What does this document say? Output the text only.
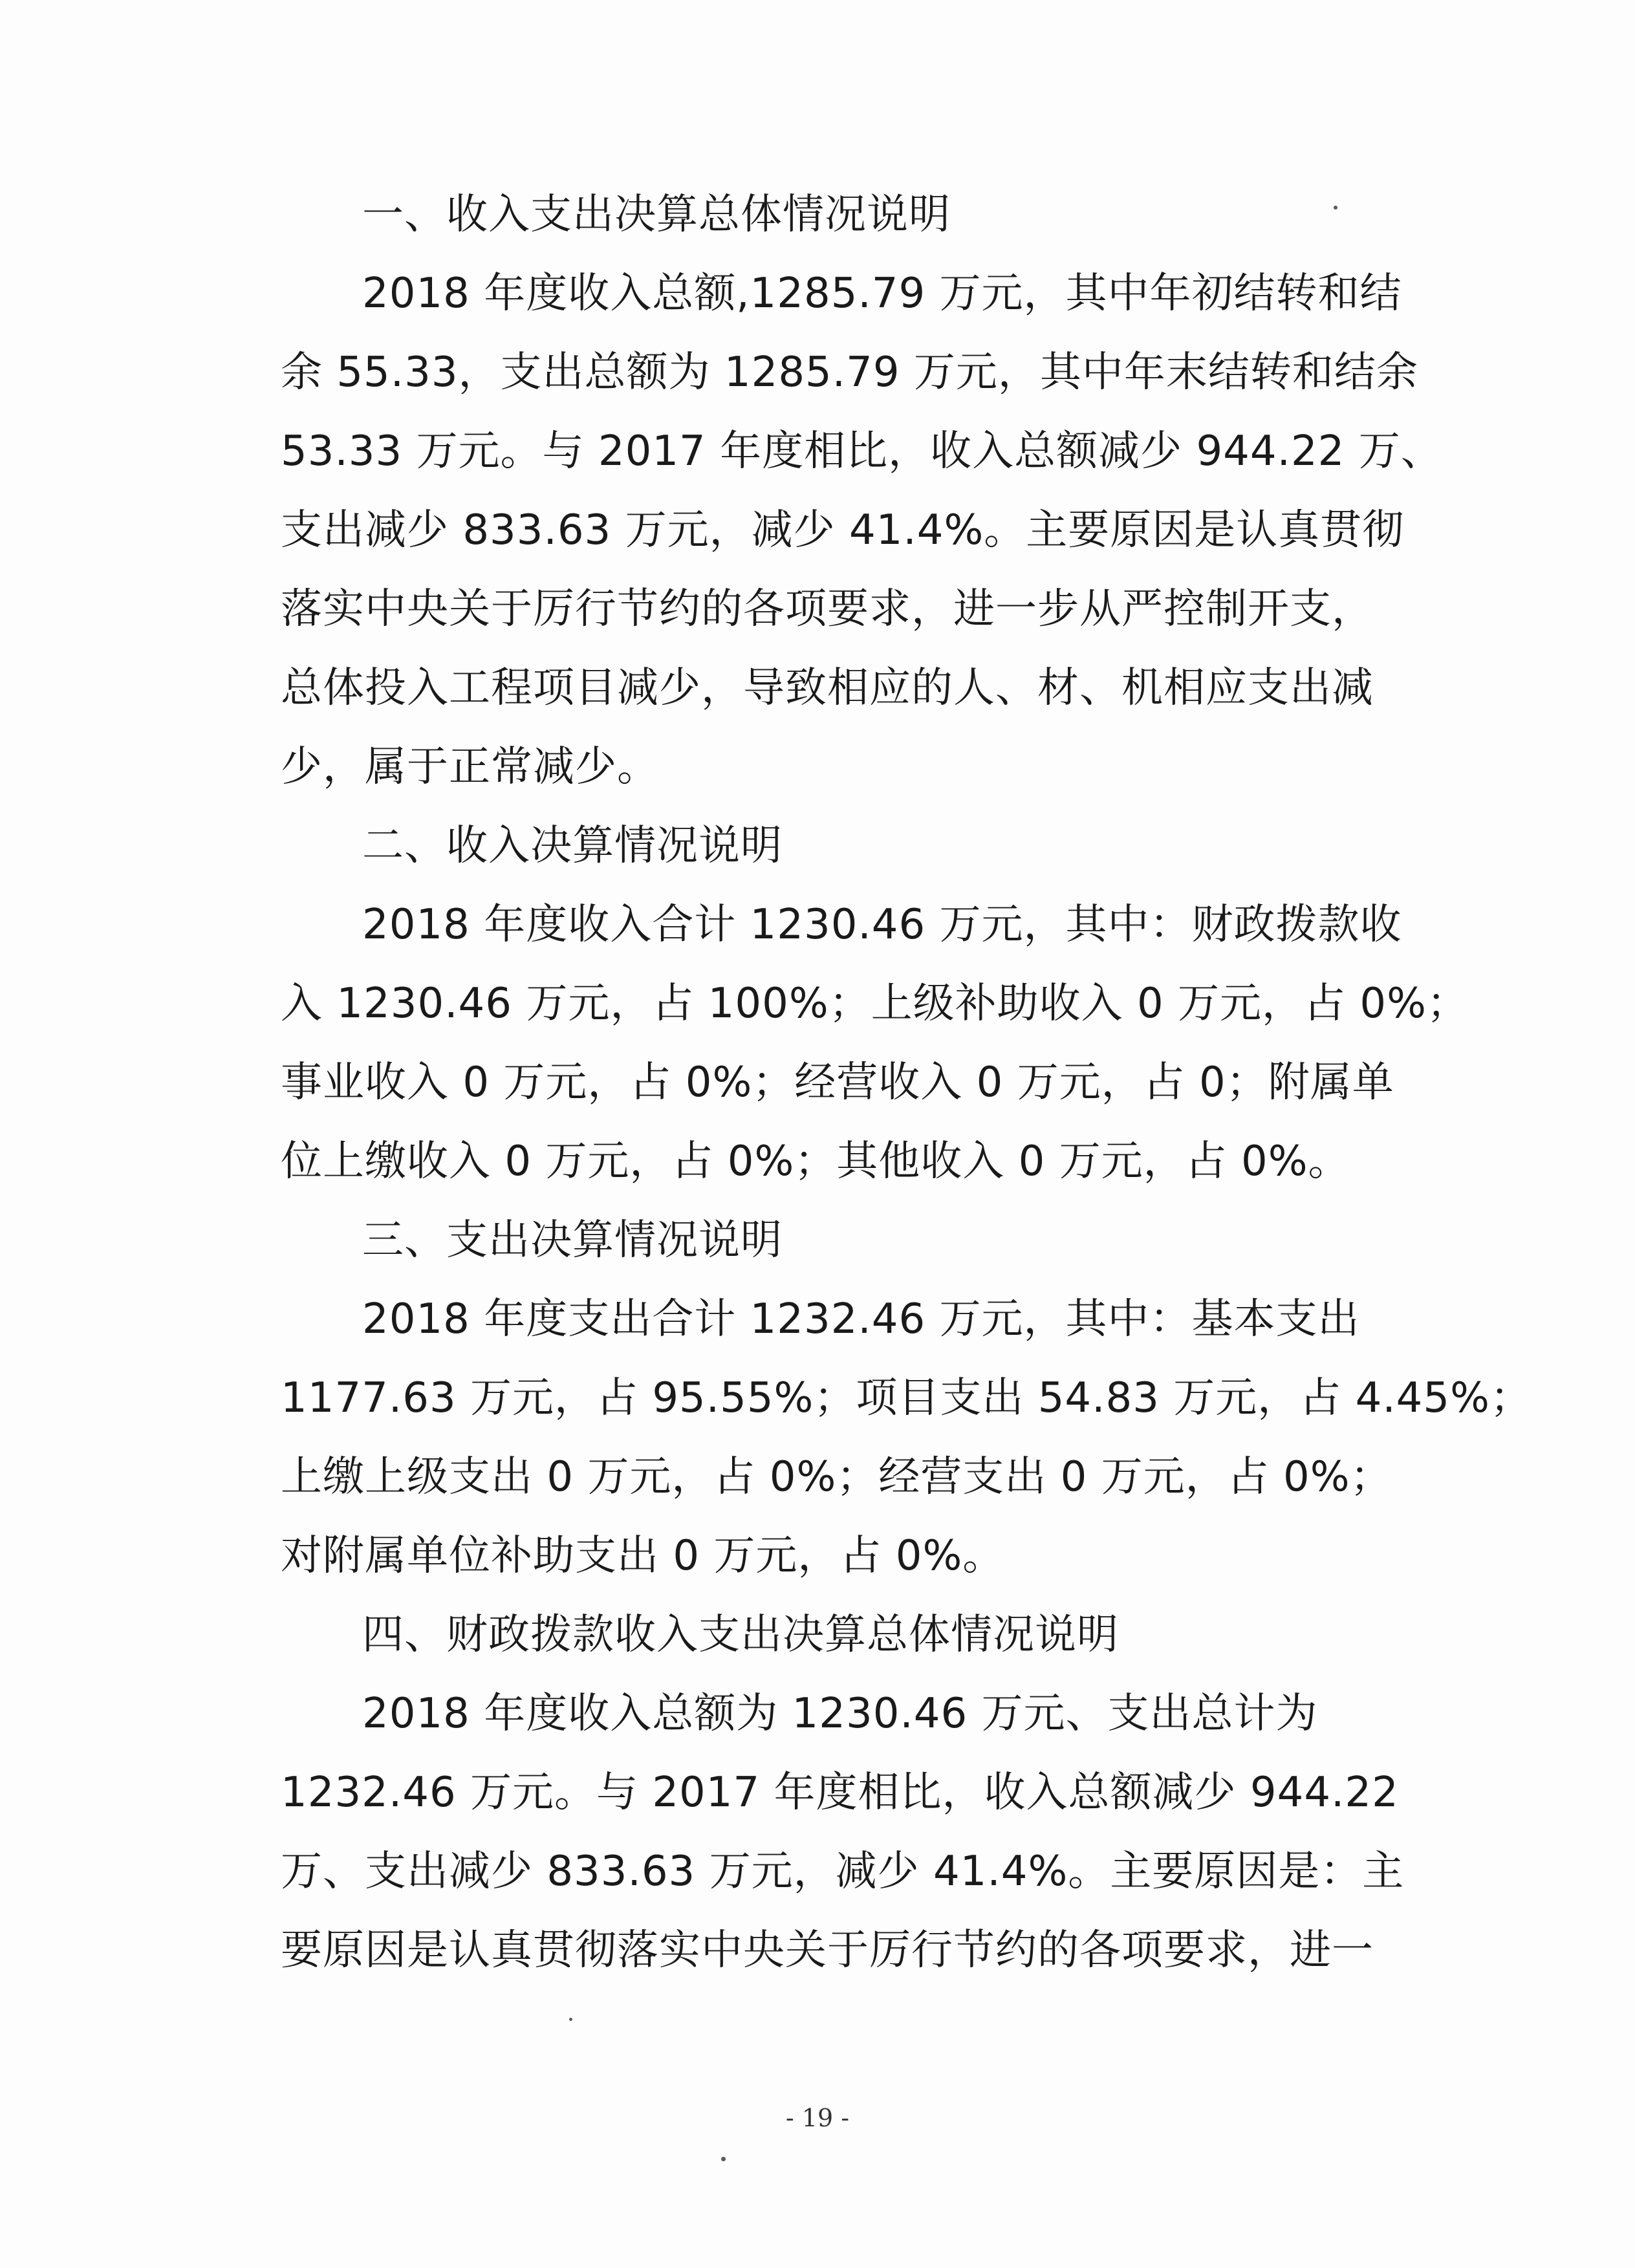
一、收入支出决算总体情况说明
2018 年度收入总额,1285.79 万元，其中年初结转和结
余 55.33，支出总额为 1285.79 万元，其中年末结转和结余
53.33 万元。与 2017 年度相比，收入总额减少 944.22 万、
支出减少 833.63 万元，减少 41.4%。主要原因是认真贯彻
落实中央关于厉行节约的各项要求，进一步从严控制开支，
总体投入工程项目减少，导致相应的人、材、机相应支出减
少，属于正常减少。
二、收入决算情况说明
2018 年度收入合计 1230.46 万元，其中：财政拨款收
入 1230.46 万元，占 100%；上级补助收入 0 万元，占 0%；
事业收入 0 万元，占 0%；经营收入 0 万元，占 0；附属单
位上缴收入 0 万元，占 0%；其他收入 0 万元，占 0%。
三、支出决算情况说明
2018 年度支出合计 1232.46 万元，其中：基本支出
1177.63 万元，占 95.55%；项目支出 54.83 万元，占 4.45%；
上缴上级支出 0 万元，占 0%；经营支出 0 万元，占 0%；
对附属单位补助支出 0 万元，占 0%。
四、财政拨款收入支出决算总体情况说明
2018 年度收入总额为 1230.46 万元、支出总计为
1232.46 万元。与 2017 年度相比，收入总额减少 944.22
万、支出减少 833.63 万元，减少 41.4%。主要原因是：主
要原因是认真贯彻落实中央关于厉行节约的各项要求，进一
- 19 -
